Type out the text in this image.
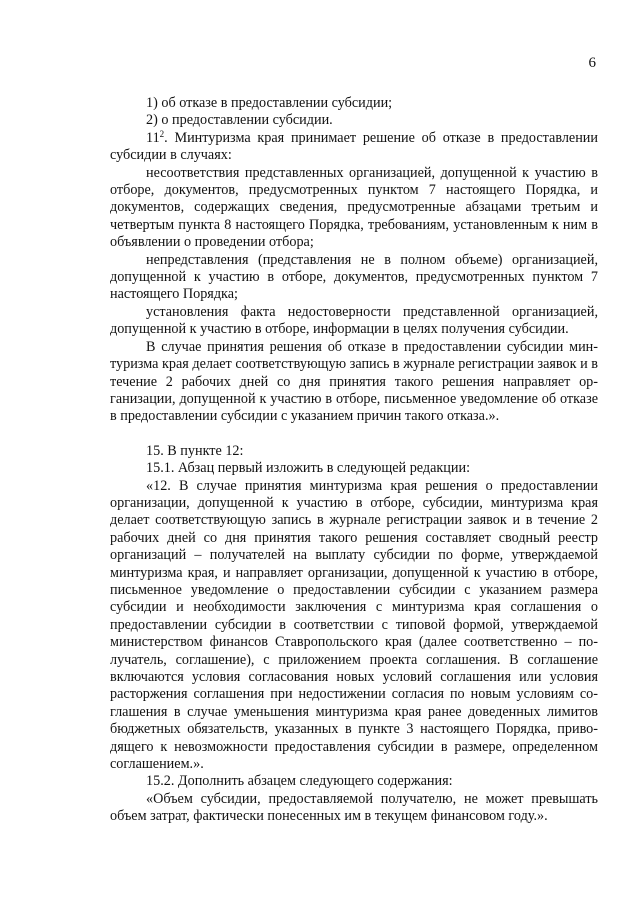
6

1) об отказе в предоставлении субсидии;

2) о предоставлении субсидии.

$11^2$. Минтуризма края принимает решение об отказе в предоставлении субсидии в случаях:

несоответствия представленных организацией, допущенной к участию в отборе, документов, предусмотренных пунктом 7 настоящего Порядка, и документов, содержащих сведения, предусмотренные абзацами третьим и четвертым пункта 8 настоящего Порядка, требованиям, установленным к ним в объявлении о проведении отбора;

непредставления (представления не в полном объеме) организацией, допущенной к участию в отборе, документов, предусмотренных пунктом 7 настоящего Порядка;

установления факта недостоверности представленной организацией, допущенной к участию в отборе, информации в целях получения субсидии.

В случае принятия решения об отказе в предоставлении субсидии минтуризма края делает соответствующую запись в журнале регистрации заявок и в течение 2 рабочих дней со дня принятия такого решения направляет организации, допущенной к участию в отборе, письменное уведомление об отказе в предоставлении субсидии с указанием причин такого отказа.».

15. В пункте 12:

15.1. Абзац первый изложить в следующей редакции:

«12. В случае принятия минтуризма края решения о предоставлении организации, допущенной к участию в отборе, субсидии, минтуризма края делает соответствующую запись в журнале регистрации заявок и в течение 2 рабочих дней со дня принятия такого решения составляет сводный реестр организаций – получателей на выплату субсидии по форме, утверждаемой минтуризма края, и направляет организации, допущенной к участию в отборе, письменное уведомление о предоставлении субсидии с указанием размера субсидии и необходимости заключения с минтуризма края соглашения о предоставлении субсидии в соответствии с типовой формой, утверждаемой министерством финансов Ставропольского края (далее соответственно – получатель, соглашение), с приложением проекта соглашения. В соглашение включаются условия согласования новых условий соглашения или условия расторжения соглашения при недостижении согласия по новым условиям соглашения в случае уменьшения минтуризма края ранее доведенных лимитов бюджетных обязательств, указанных в пункте 3 настоящего Порядка, приводящего к невозможности предоставления субсидии в размере, определенном соглашением.».

15.2. Дополнить абзацем следующего содержания:

«Объем субсидии, предоставляемой получателю, не может превышать объем затрат, фактически понесенных им в текущем финансовом году.».
